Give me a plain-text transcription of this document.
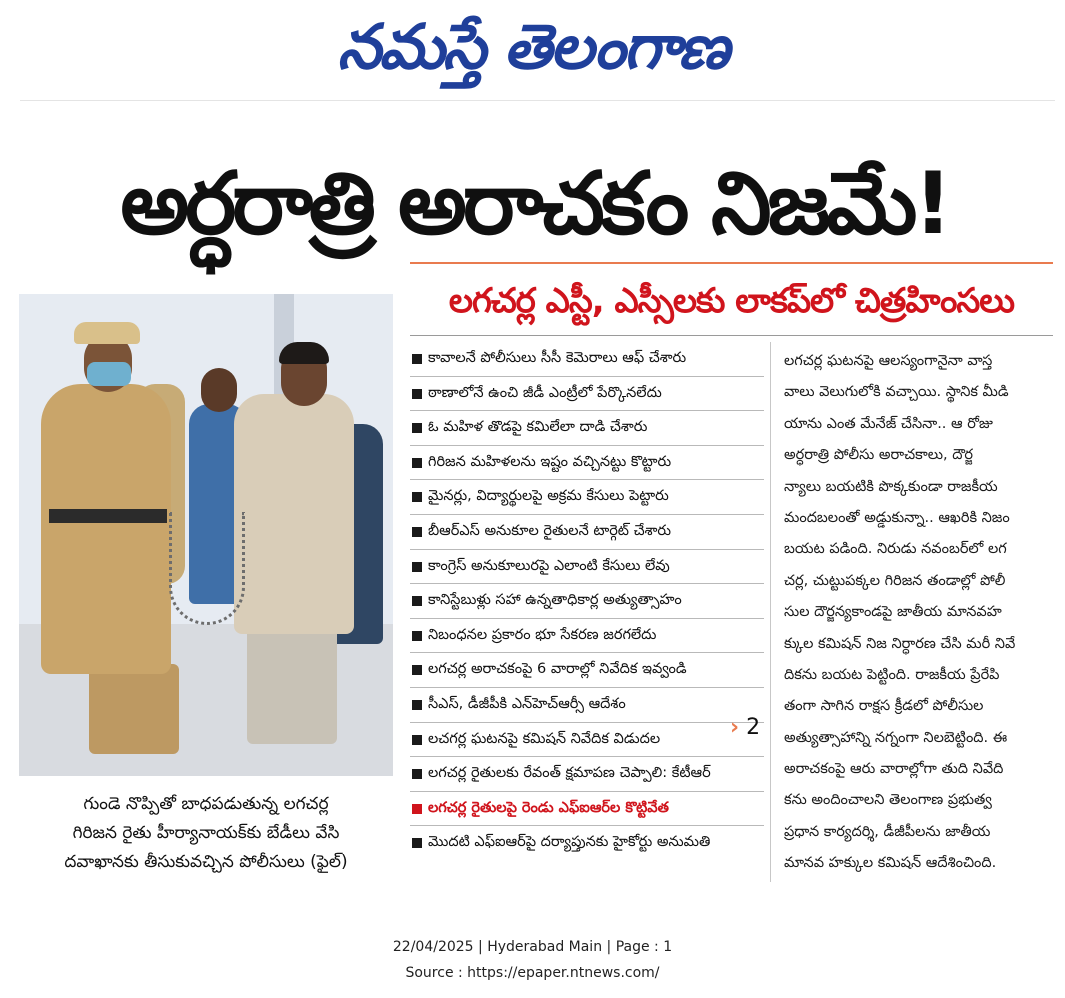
నమస్తే తెలంగాణ
అర్ధరాత్రి అరాచకం నిజమే!
లగచర్ల ఎస్టీ, ఎస్సీలకు లాకప్‌లో చిత్రహింసలు
గుండె నొప్పితో బాధపడుతున్న లగచర్ల
గిరిజన రైతు హీర్యానాయక్‌కు బేడీలు వేసి
దవాఖానకు తీసుకువచ్చిన పోలీసులు (ఫైల్)
కావాలనే పోలీసులు సీసీ కెమెరాలు ఆఫ్ చేశారు
ఠాణాలోనే ఉంచి జీడీ ఎంట్రీలో పేర్కొనలేదు
ఓ మహిళ తొడపై కమిలేలా దాడి చేశారు
గిరిజన మహిళలను ఇష్టం వచ్చినట్టు కొట్టారు
మైనర్లు, విద్యార్థులపై అక్రమ కేసులు పెట్టారు
బీఆర్‌ఎస్ అనుకూల రైతులనే టార్గెట్ చేశారు
కాంగ్రెస్ అనుకూలురపై ఎలాంటి కేసులు లేవు
కానిస్టేబుళ్లు సహా ఉన్నతాధికార్ల అత్యుత్సాహం
నిబంధనల ప్రకారం భూ సేకరణ జరగలేదు
లగచర్ల అరాచకంపై 6 వారాల్లో నివేదిక ఇవ్వండి
సీఎస్, డీజీపీకి ఎన్‌హెచ్‌ఆర్సీ ఆదేశం
లచగర్ల ఘటనపై కమిషన్ నివేదిక విడుదల
లగచర్ల రైతులకు రేవంత్ క్షమాపణ చెప్పాలి: కేటీఆర్
లగచర్ల రైతులపై రెండు ఎఫ్‌ఐఆర్‌ల కొట్టివేత
మొదటి ఎఫ్‌ఐఆర్‌పై దర్యాప్తునకు హైకోర్టు అనుమతి
› 2
లగచర్ల ఘటనపై ఆలస్యంగానైనా వాస్త
వాలు వెలుగులోకి వచ్చాయి. స్థానిక మీడి
యాను ఎంత మేనేజ్ చేసినా.. ఆ రోజు
అర్ధరాత్రి పోలీసు అరాచకాలు, దౌర్జ
న్యాలు బయటికి పొక్కకుండా రాజకీయ
మందబలంతో అడ్డుకున్నా.. ఆఖరికి నిజం
బయట పడింది. నిరుడు నవంబర్‌లో లగ
చర్ల, చుట్టుపక్కల గిరిజన తండాల్లో పోలీ
సుల దౌర్జన్యకాండపై జాతీయ మానవహ
క్కుల కమిషన్ నిజ నిర్ధారణ చేసి మరీ నివే
దికను బయట పెట్టింది. రాజకీయ ప్రేరేపి
తంగా సాగిన రాక్షస క్రీడలో పోలీసుల
అత్యుత్సాహాన్ని నగ్నంగా నిలబెట్టింది. ఈ
అరాచకంపై ఆరు వారాల్లోగా తుది నివేది
కను అందించాలని తెలంగాణ ప్రభుత్వ
ప్రధాన కార్యదర్శి, డీజీపీలను జాతీయ
మానవ హక్కుల కమిషన్ ఆదేశించింది.
22/04/2025 | Hyderabad Main | Page : 1
Source : https://epaper.ntnews.com/
